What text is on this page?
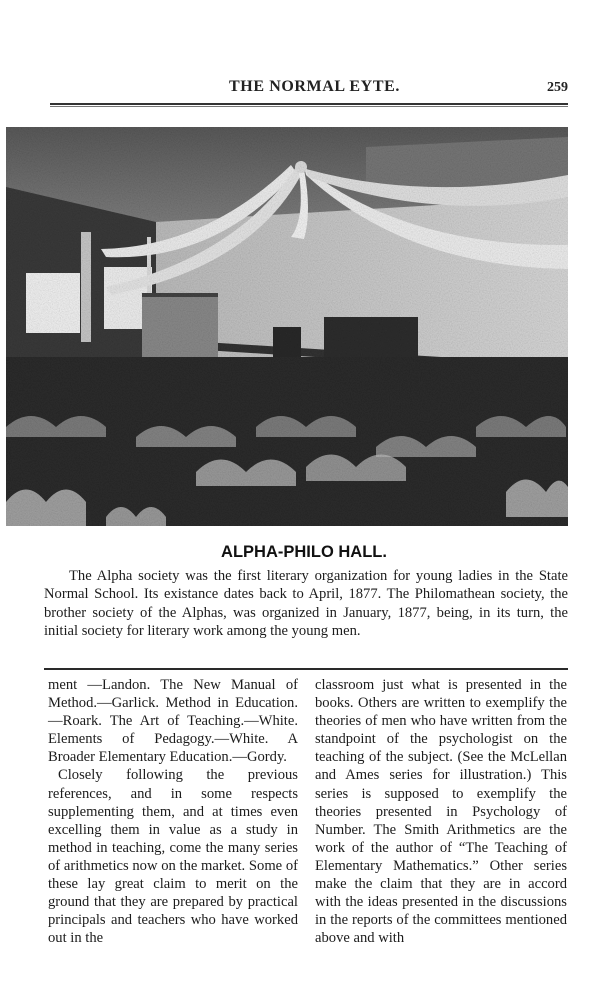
THE NORMAL EYTE.	259
ALPHA-PHILO HALL.

The Alpha society was the first literary organization for young ladies in the State Normal School. Its existance dates back to April, 1877. The Philomathean society, the brother society of the Alphas, was organized in January, 1877, being, in its turn, the initial society for literary work among the young men.

ment —Landon. The New Manual of Method.—Garlick. Method in Education.—Roark. The Art of Teaching.—White. Elements of Pedagogy.—White. A Broader Elementary Education.—Gordy.

Closely following the previous references, and in some respects supplementing them, and at times even excelling them in value as a study in method in teaching, come the many series of arithmetics now on the market. Some of these lay great claim to merit on the ground that they are prepared by practical principals and teachers who have worked out in the

classroom just what is presented in the books. Others are written to exemplify the theories of men who have written from the standpoint of the psychologist on the teaching of the subject. (See the McLellan and Ames series for illustration.) This series is supposed to exemplify the theories presented in Psychology of Number. The Smith Arithmetics are the work of the author of “The Teaching of Elementary Mathematics.” Other series make the claim that they are in accord with the ideas presented in the discussions in the reports of the committees mentioned above and with
